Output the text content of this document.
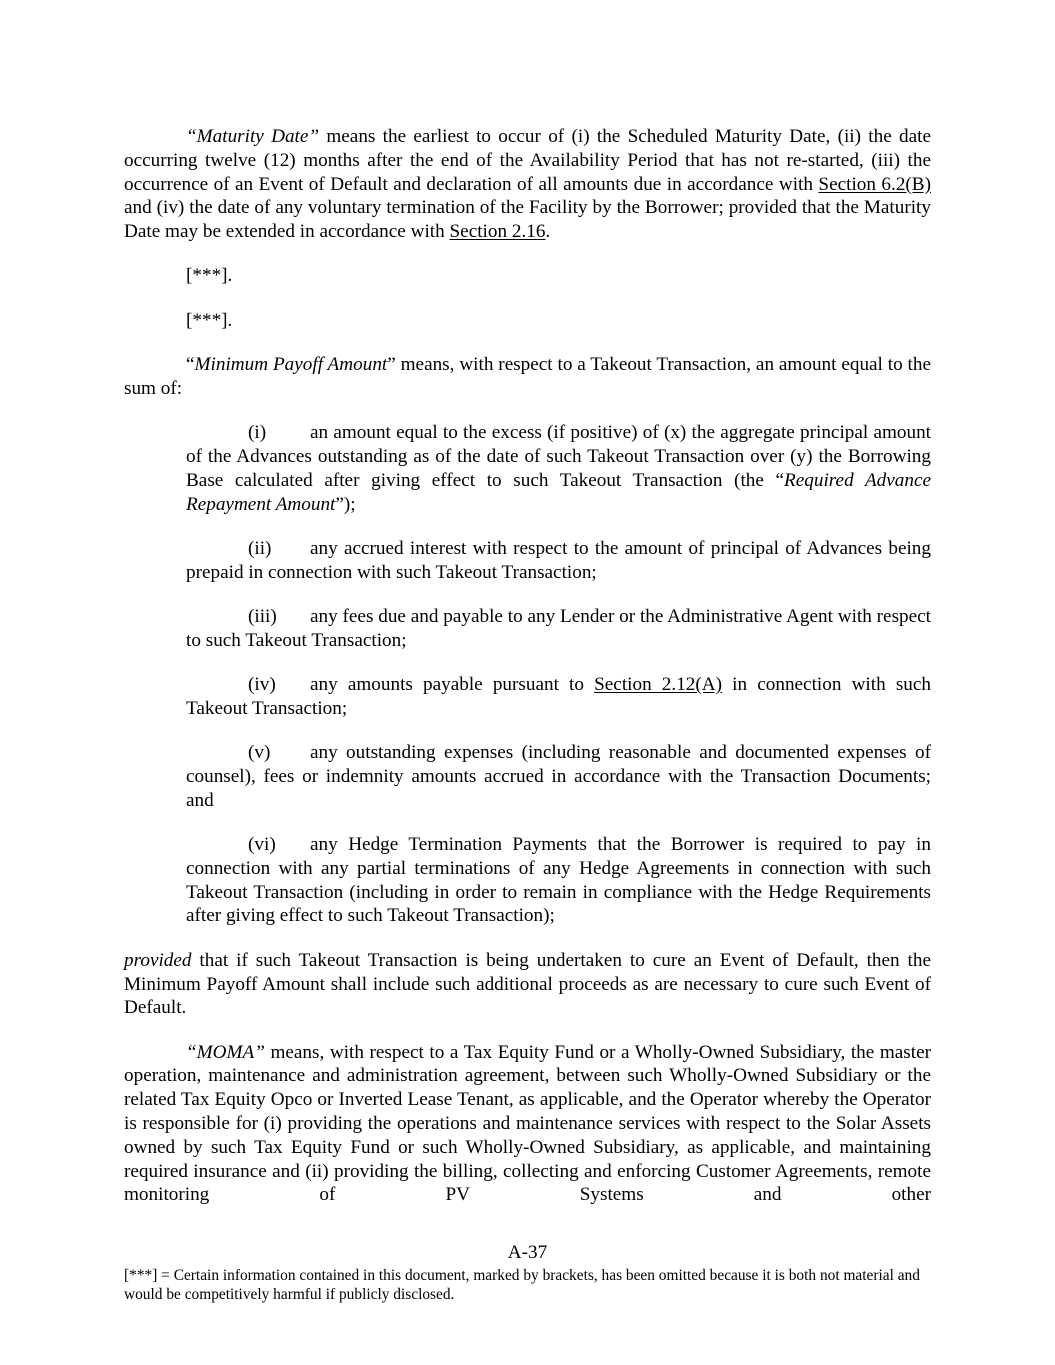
“Maturity Date” means the earliest to occur of (i) the Scheduled Maturity Date, (ii) the date occurring twelve (12) months after the end of the Availability Period that has not re-started, (iii) the occurrence of an Event of Default and declaration of all amounts due in accordance with Section 6.2(B) and (iv) the date of any voluntary termination of the Facility by the Borrower; provided that the Maturity Date may be extended in accordance with Section 2.16.

[***].

[***].

“Minimum Payoff Amount” means, with respect to a Takeout Transaction, an amount equal to the sum of:

(i) an amount equal to the excess (if positive) of (x) the aggregate principal amount of the Advances outstanding as of the date of such Takeout Transaction over (y) the Borrowing Base calculated after giving effect to such Takeout Transaction (the “Required Advance Repayment Amount”);

(ii) any accrued interest with respect to the amount of principal of Advances being prepaid in connection with such Takeout Transaction;

(iii) any fees due and payable to any Lender or the Administrative Agent with respect to such Takeout Transaction;

(iv) any amounts payable pursuant to Section 2.12(A) in connection with such Takeout Transaction;

(v) any outstanding expenses (including reasonable and documented expenses of counsel), fees or indemnity amounts accrued in accordance with the Transaction Documents; and

(vi) any Hedge Termination Payments that the Borrower is required to pay in connection with any partial terminations of any Hedge Agreements in connection with such Takeout Transaction (including in order to remain in compliance with the Hedge Requirements after giving effect to such Takeout Transaction);

provided that if such Takeout Transaction is being undertaken to cure an Event of Default, then the Minimum Payoff Amount shall include such additional proceeds as are necessary to cure such Event of Default.

“MOMA” means, with respect to a Tax Equity Fund or a Wholly-Owned Subsidiary, the master operation, maintenance and administration agreement, between such Wholly-Owned Subsidiary or the related Tax Equity Opco or Inverted Lease Tenant, as applicable, and the Operator whereby the Operator is responsible for (i) providing the operations and maintenance services with respect to the Solar Assets owned by such Tax Equity Fund or such Wholly-Owned Subsidiary, as applicable, and maintaining required insurance and (ii) providing the billing, collecting and enforcing Customer Agreements, remote monitoring of PV Systems and other

A-37
[***] = Certain information contained in this document, marked by brackets, has been omitted because it is both not material and would be competitively harmful if publicly disclosed.
